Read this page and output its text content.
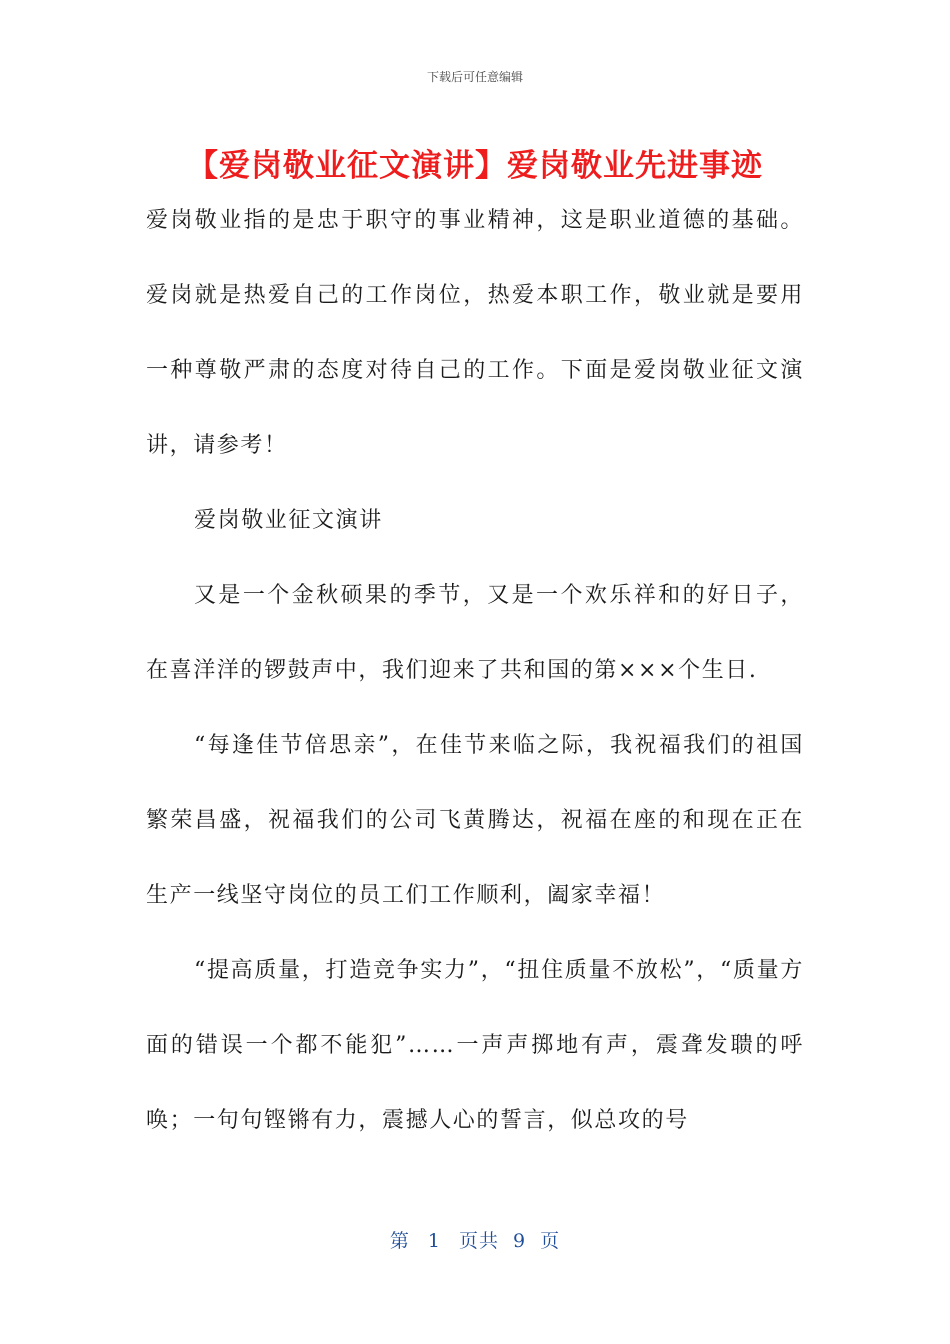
下载后可任意编辑
【爱岗敬业征文演讲】爱岗敬业先进事迹

爱岗敬业指的是忠于职守的事业精神，这是职业道德的基础。爱岗就是热爱自己的工作岗位，热爱本职工作，敬业就是要用一种尊敬严肃的态度对待自己的工作。下面是爱岗敬业征文演讲，请参考！

爱岗敬业征文演讲

又是一个金秋硕果的季节，又是一个欢乐祥和的好日子，在喜洋洋的锣鼓声中，我们迎来了共和国的第×××个生日.

“每逢佳节倍思亲”，在佳节来临之际，我祝福我们的祖国繁荣昌盛，祝福我们的公司飞黄腾达，祝福在座的和现在正在生产一线坚守岗位的员工们工作顺利，阖家幸福！

“提高质量，打造竞争实力”，“扭住质量不放松”，“质量方面的错误一个都不能犯”……一声声掷地有声，震聋发聩的呼唤；一句句铿锵有力，震撼人心的誓言，似总攻的号

第 1 页共 9 页
